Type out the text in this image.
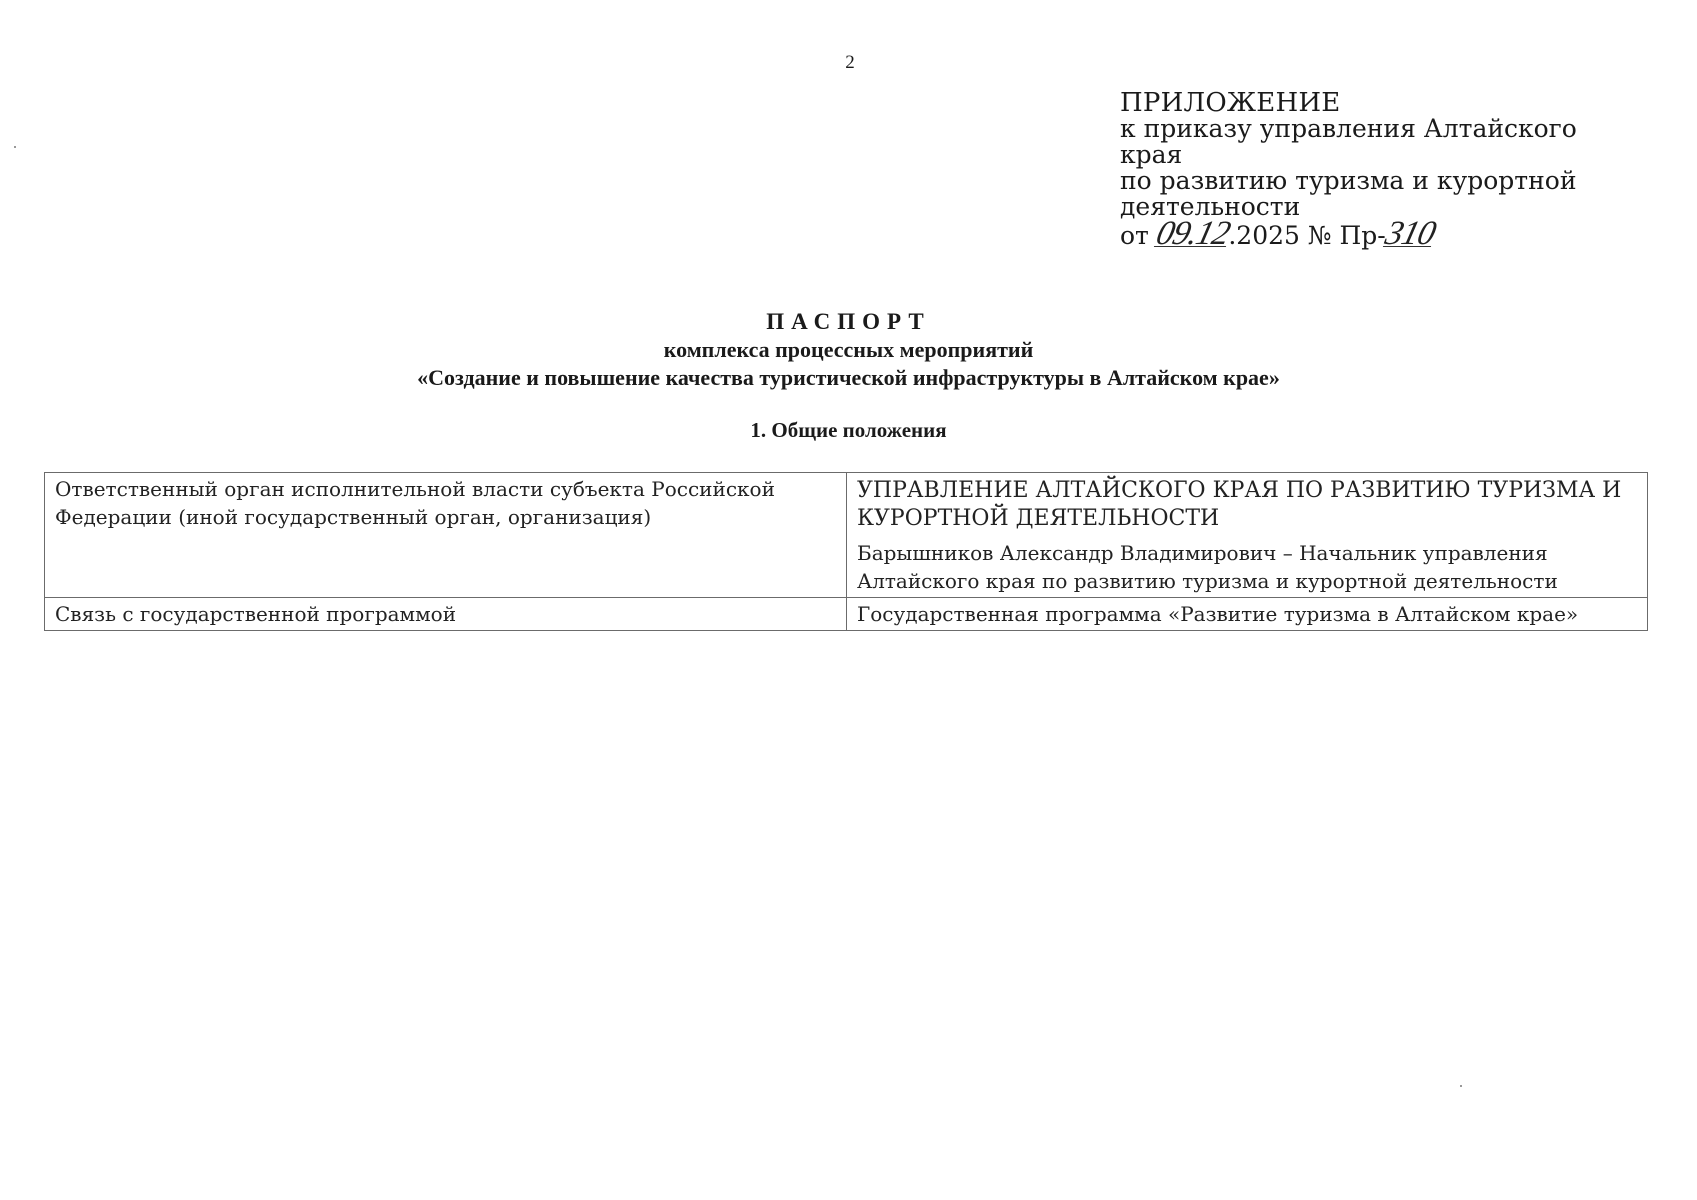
2
ПРИЛОЖЕНИЕ
к приказу управления Алтайского края
по развитию туризма и курортной
деятельности
от 09.12.2025 № Пр-310
ПАСПОРТ
комплекса процессных мероприятий
«Создание и повышение качества туристической инфраструктуры в Алтайском крае»
1. Общие положения
Ответственный орган исполнительной власти субъекта Российской Федерации (иной государственный орган, организация)	УПРАВЛЕНИЕ АЛТАЙСКОГО КРАЯ ПО РАЗВИТИЮ ТУРИЗМА И КУРОРТНОЙ ДЕЯТЕЛЬНОСТИ
Барышников Александр Владимирович – Начальник управления Алтайского края по развитию туризма и курортной деятельности

Связь с государственной программой	Государственная программа «Развитие туризма в Алтайском крае»
